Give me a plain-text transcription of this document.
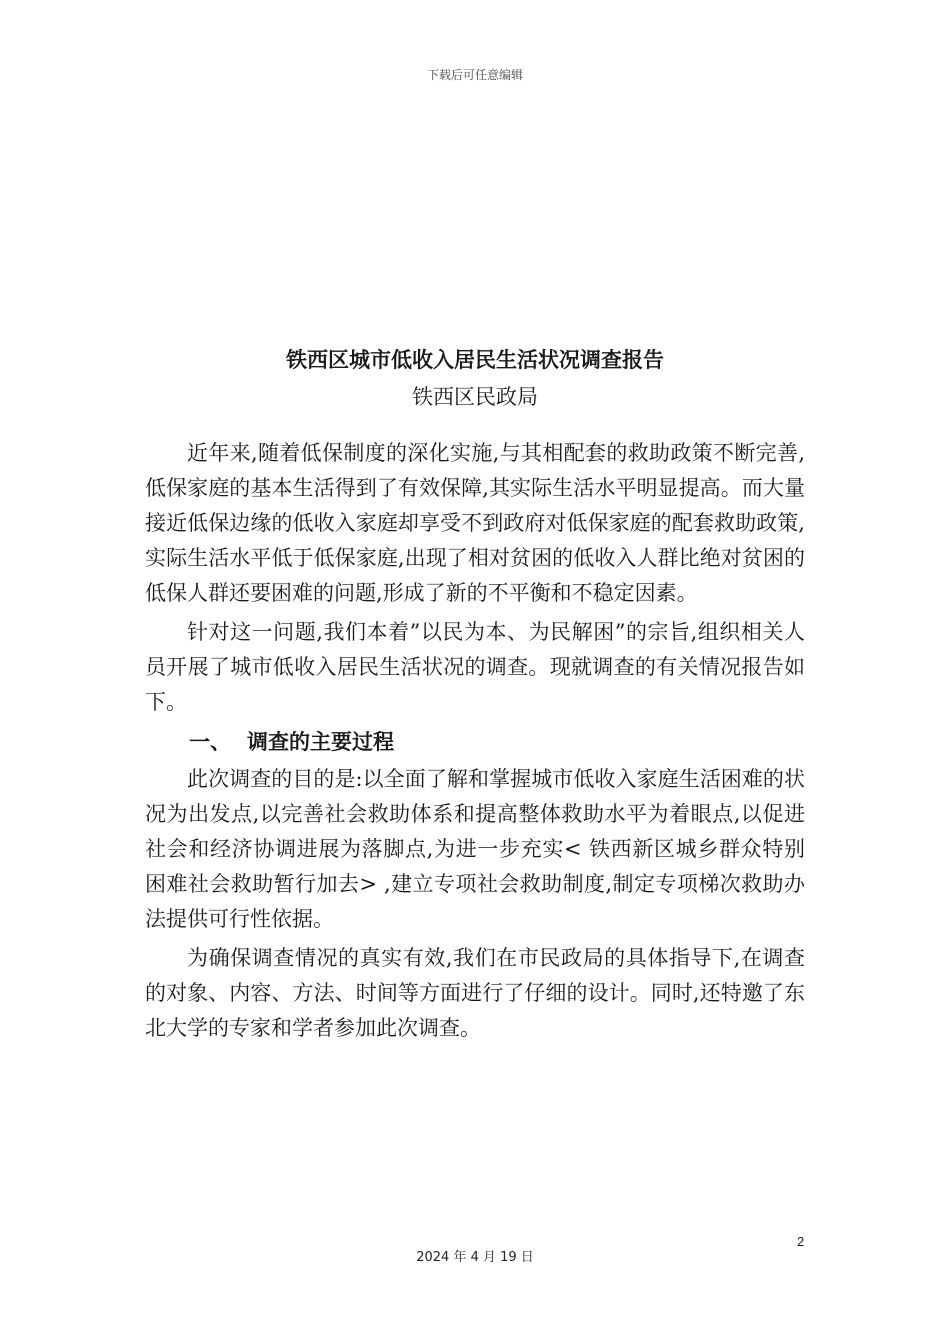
下载后可任意编辑
铁西区城市低收入居民生活状况调查报告

铁西区民政局

近年来,随着低保制度的深化实施,与其相配套的救助政策不断完善,低保家庭的基本生活得到了有效保障,其实际生活水平明显提高。而大量接近低保边缘的低收入家庭却享受不到政府对低保家庭的配套救助政策,实际生活水平低于低保家庭,出现了相对贫困的低收入人群比绝对贫困的低保人群还要困难的问题,形成了新的不平衡和不稳定因素。

针对这一问题,我们本着”以民为本、为民解困”的宗旨,组织相关人员开展了城市低收入居民生活状况的调查。现就调查的有关情况报告如下。

一、 调查的主要过程

此次调查的目的是:以全面了解和掌握城市低收入家庭生活困难的状况为出发点,以完善社会救助体系和提高整体救助水平为着眼点,以促进社会和经济协调进展为落脚点,为进一步充实< 铁西新区城乡群众特别困难社会救助暂行加去> ,建立专项社会救助制度,制定专项梯次救助办法提供可行性依据。

为确保调查情况的真实有效,我们在市民政局的具体指导下,在调查的对象、内容、方法、时间等方面进行了仔细的设计。同时,还特邀了东北大学的专家和学者参加此次调查。

2
2024 年 4 月 19 日
